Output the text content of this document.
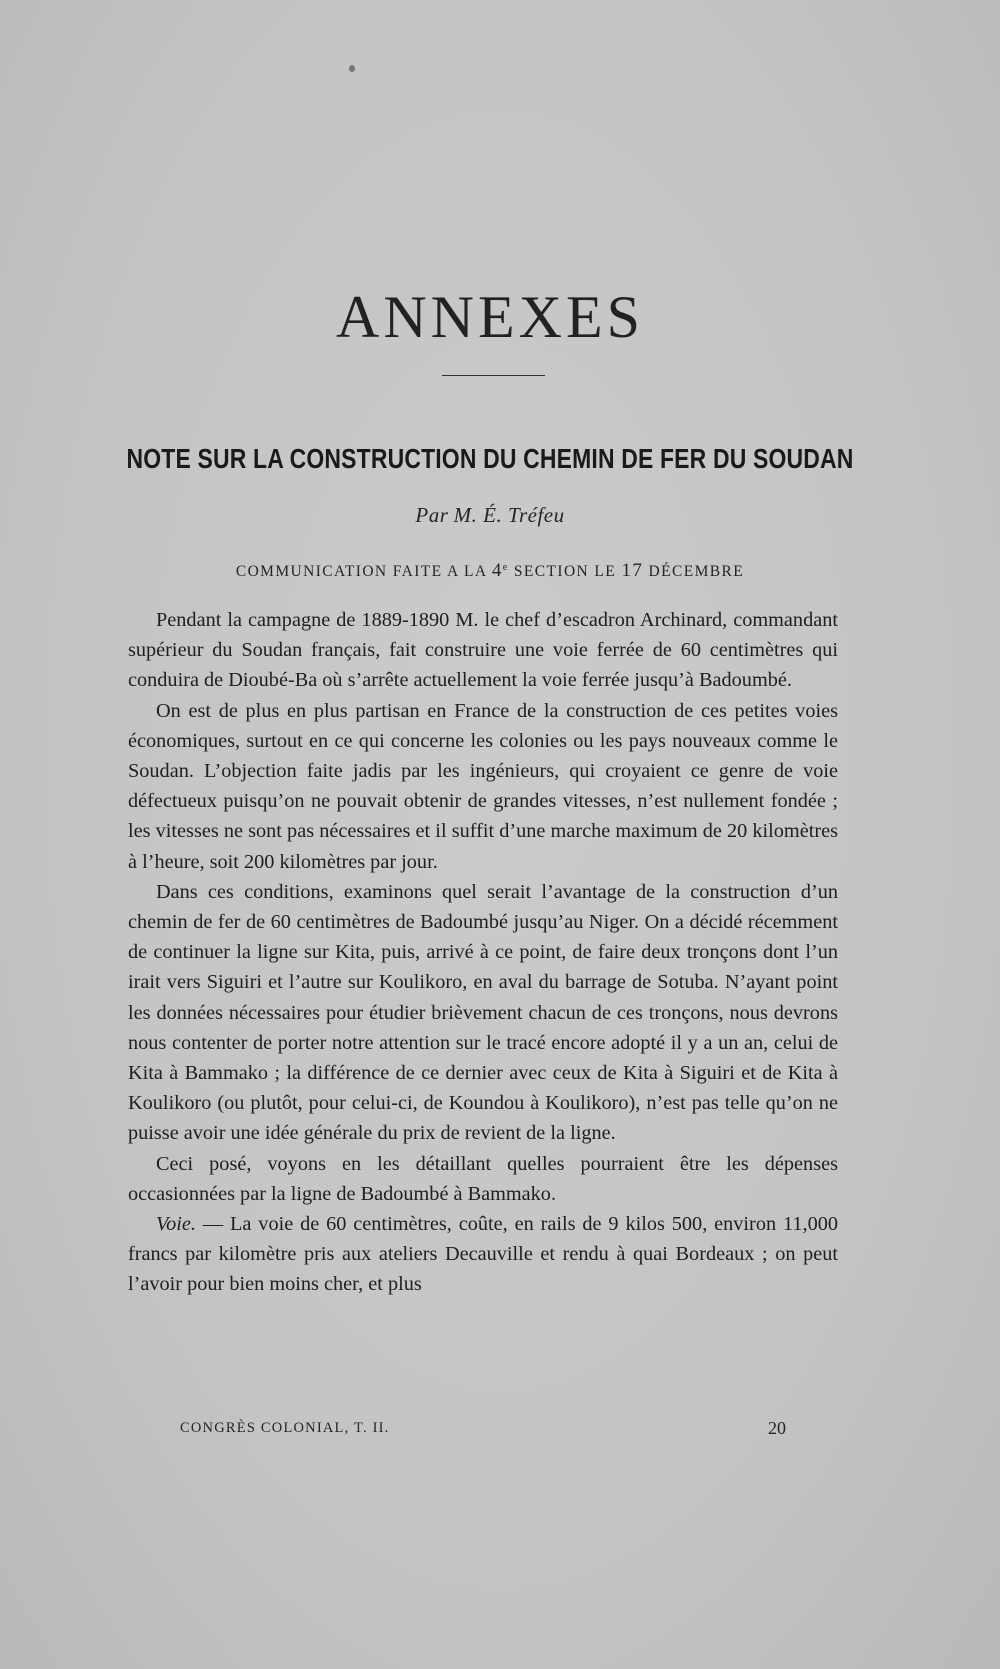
ANNEXES
NOTE SUR LA CONSTRUCTION DU CHEMIN DE FER DU SOUDAN
Par M. É. Tréfeu
COMMUNICATION FAITE A LA 4e SECTION LE 17 DÉCEMBRE

Pendant la campagne de 1889-1890 M. le chef d’escadron Archinard, commandant supérieur du Soudan français, fait construire une voie ferrée de 60 centimètres qui conduira de Dioubé-Ba où s’arrête actuellement la voie ferrée jusqu’à Badoumbé.

On est de plus en plus partisan en France de la construction de ces petites voies économiques, surtout en ce qui concerne les colonies ou les pays nouveaux comme le Soudan. L’objection faite jadis par les ingénieurs, qui croyaient ce genre de voie défectueux puisqu’on ne pouvait obtenir de grandes vitesses, n’est nullement fondée ; les vitesses ne sont pas nécessaires et il suffit d’une marche maximum de 20 kilomètres à l’heure, soit 200 kilomètres par jour.

Dans ces conditions, examinons quel serait l’avantage de la construction d’un chemin de fer de 60 centimètres de Badoumbé jusqu’au Niger. On a décidé récemment de continuer la ligne sur Kita, puis, arrivé à ce point, de faire deux tronçons dont l’un irait vers Siguiri et l’autre sur Koulikoro, en aval du barrage de Sotuba. N’ayant point les données nécessaires pour étudier brièvement chacun de ces tronçons, nous devrons nous contenter de porter notre attention sur le tracé encore adopté il y a un an, celui de Kita à Bammako ; la différence de ce dernier avec ceux de Kita à Siguiri et de Kita à Koulikoro (ou plutôt, pour celui-ci, de Koundou à Koulikoro), n’est pas telle qu’on ne puisse avoir une idée générale du prix de revient de la ligne.

Ceci posé, voyons en les détaillant quelles pourraient être les dépenses occasionnées par la ligne de Badoumbé à Bammako.

Voie. — La voie de 60 centimètres, coûte, en rails de 9 kilos 500, environ 11,000 francs par kilomètre pris aux ateliers Decauville et rendu à quai Bordeaux ; on peut l’avoir pour bien moins cher, et plus

CONGRÈS COLONIAL, T. II.	20
